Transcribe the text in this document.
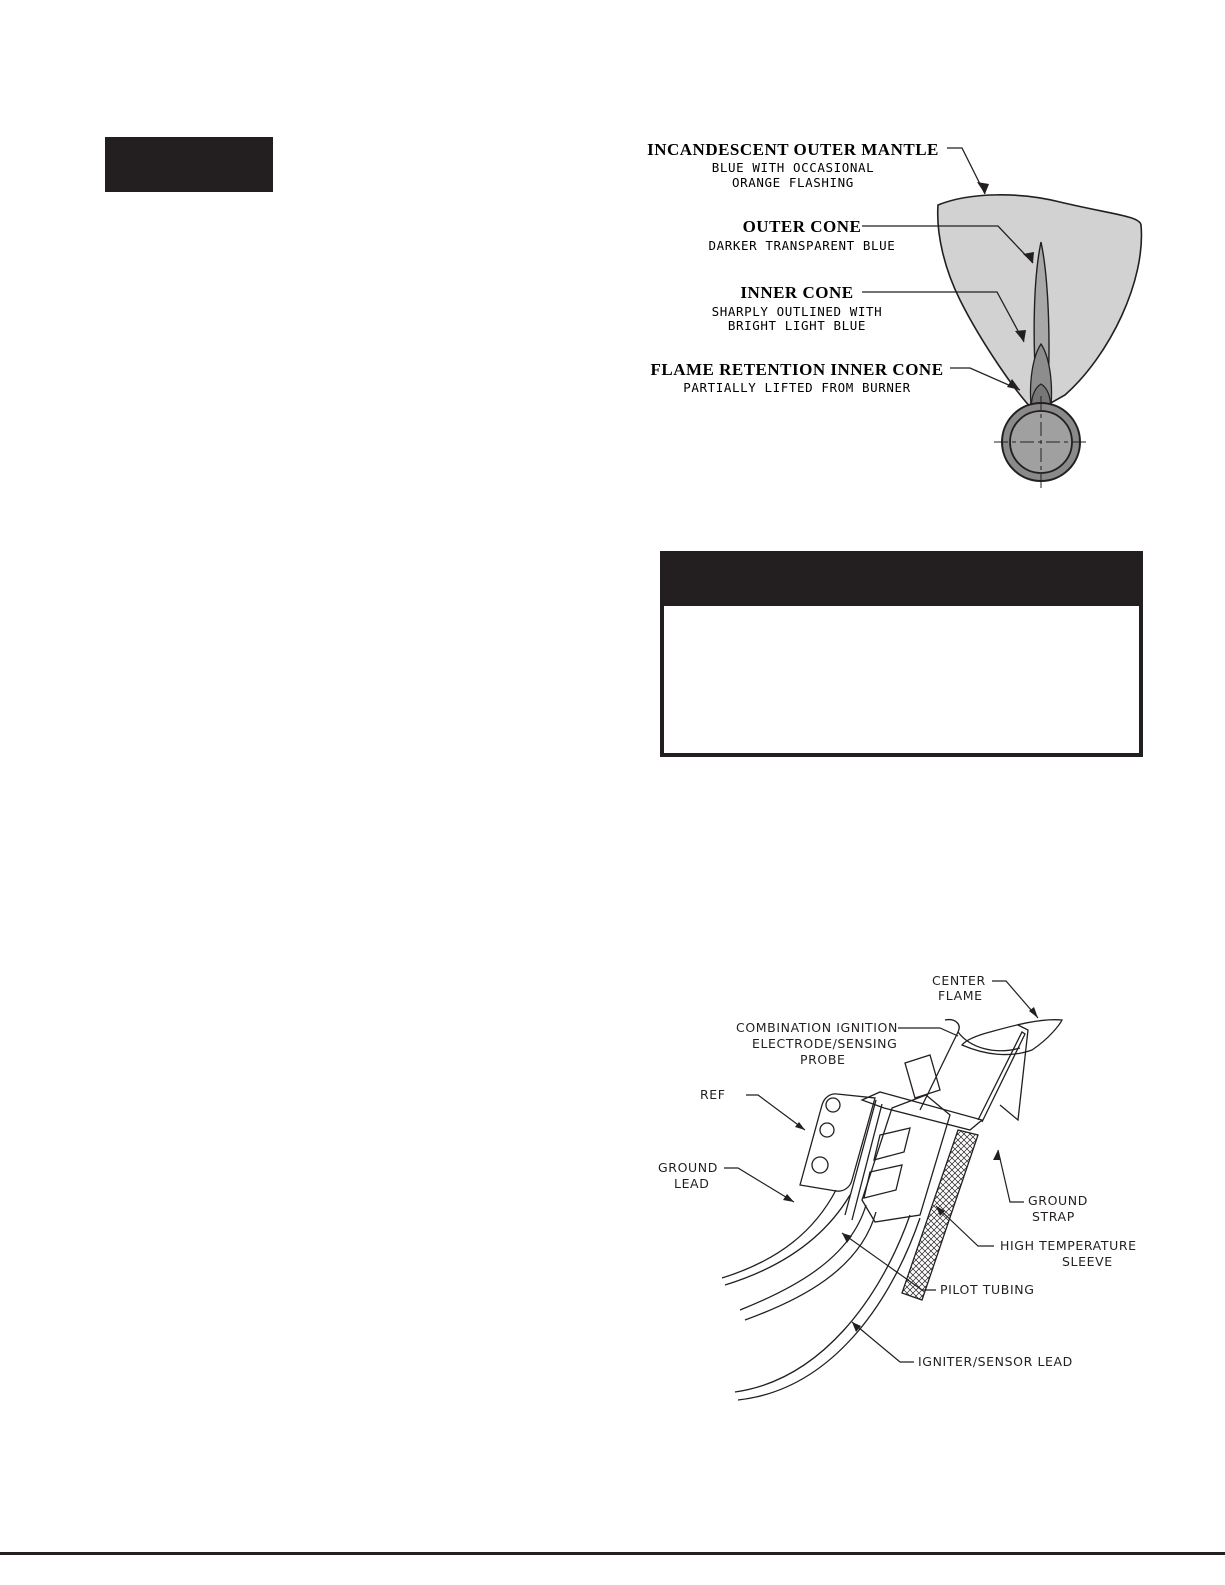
INCANDESCENT OUTER MANTLE
BLUE WITH OCCASIONAL
ORANGE FLASHING
OUTER CONE
DARKER TRANSPARENT BLUE
INNER CONE
SHARPLY OUTLINED WITH
BRIGHT LIGHT BLUE
FLAME RETENTION INNER CONE
PARTIALLY LIFTED FROM BURNER
CENTER
FLAME
COMBINATION IGNITION
ELECTRODE/SENSING
PROBE
REF
GROUND
LEAD
GROUND
STRAP
HIGH TEMPERATURE
SLEEVE
PILOT TUBING
IGNITER/SENSOR LEAD
